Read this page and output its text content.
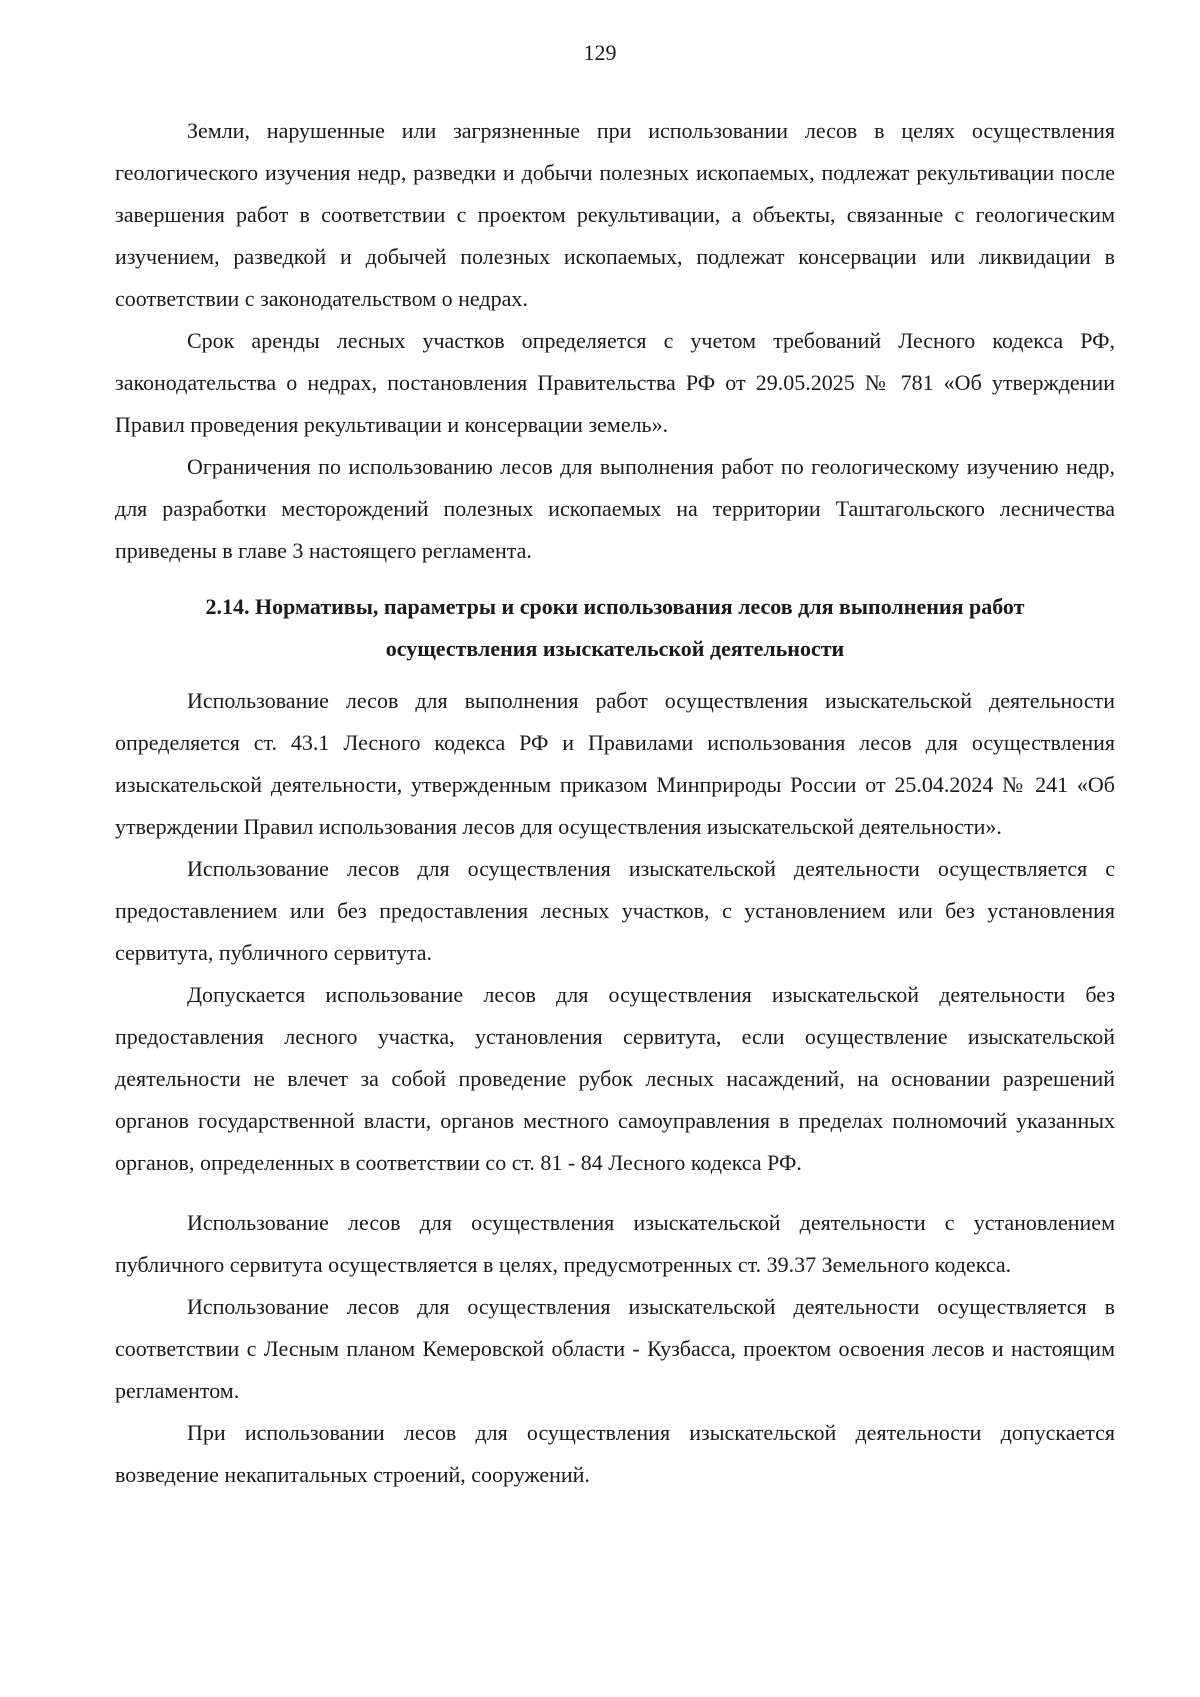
129

Земли, нарушенные или загрязненные при использовании лесов в целях осуществления геологического изучения недр, разведки и добычи полезных ископаемых, подлежат рекультивации после завершения работ в соответствии с проектом рекультивации, а объекты, связанные с геологическим изучением, разведкой и добычей полезных ископаемых, подлежат консервации или ликвидации в соответствии с законодательством о недрах.

Срок аренды лесных участков определяется с учетом требований Лесного кодекса РФ, законодательства о недрах, постановления Правительства РФ от 29.05.2025 № 781 «Об утверждении Правил проведения рекультивации и консервации земель».

Ограничения по использованию лесов для выполнения работ по геологическому изучению недр, для разработки месторождений полезных ископаемых на территории Таштагольского лесничества приведены в главе 3 настоящего регламента.

2.14. Нормативы, параметры и сроки использования лесов для выполнения работ
осуществления изыскательской деятельности

Использование лесов для выполнения работ осуществления изыскательской деятельности определяется ст. 43.1 Лесного кодекса РФ и Правилами использования лесов для осуществления изыскательской деятельности, утвержденным приказом Минприроды России от 25.04.2024 № 241 «Об утверждении Правил использования лесов для осуществления изыскательской деятельности».

Использование лесов для осуществления изыскательской деятельности осуществляется с предоставлением или без предоставления лесных участков, с установлением или без установления сервитута, публичного сервитута.

Допускается использование лесов для осуществления изыскательской деятельности без предоставления лесного участка, установления сервитута, если осуществление изыскательской деятельности не влечет за собой проведение рубок лесных насаждений, на основании разрешений органов государственной власти, органов местного самоуправления в пределах полномочий указанных органов, определенных в соответствии со ст. 81 - 84 Лесного кодекса РФ.

Использование лесов для осуществления изыскательской деятельности с установлением публичного сервитута осуществляется в целях, предусмотренных ст. 39.37 Земельного кодекса.

Использование лесов для осуществления изыскательской деятельности осуществляется в соответствии с Лесным планом Кемеровской области - Кузбасса, проектом освоения лесов и настоящим регламентом.

При использовании лесов для осуществления изыскательской деятельности допускается возведение некапитальных строений, сооружений.
